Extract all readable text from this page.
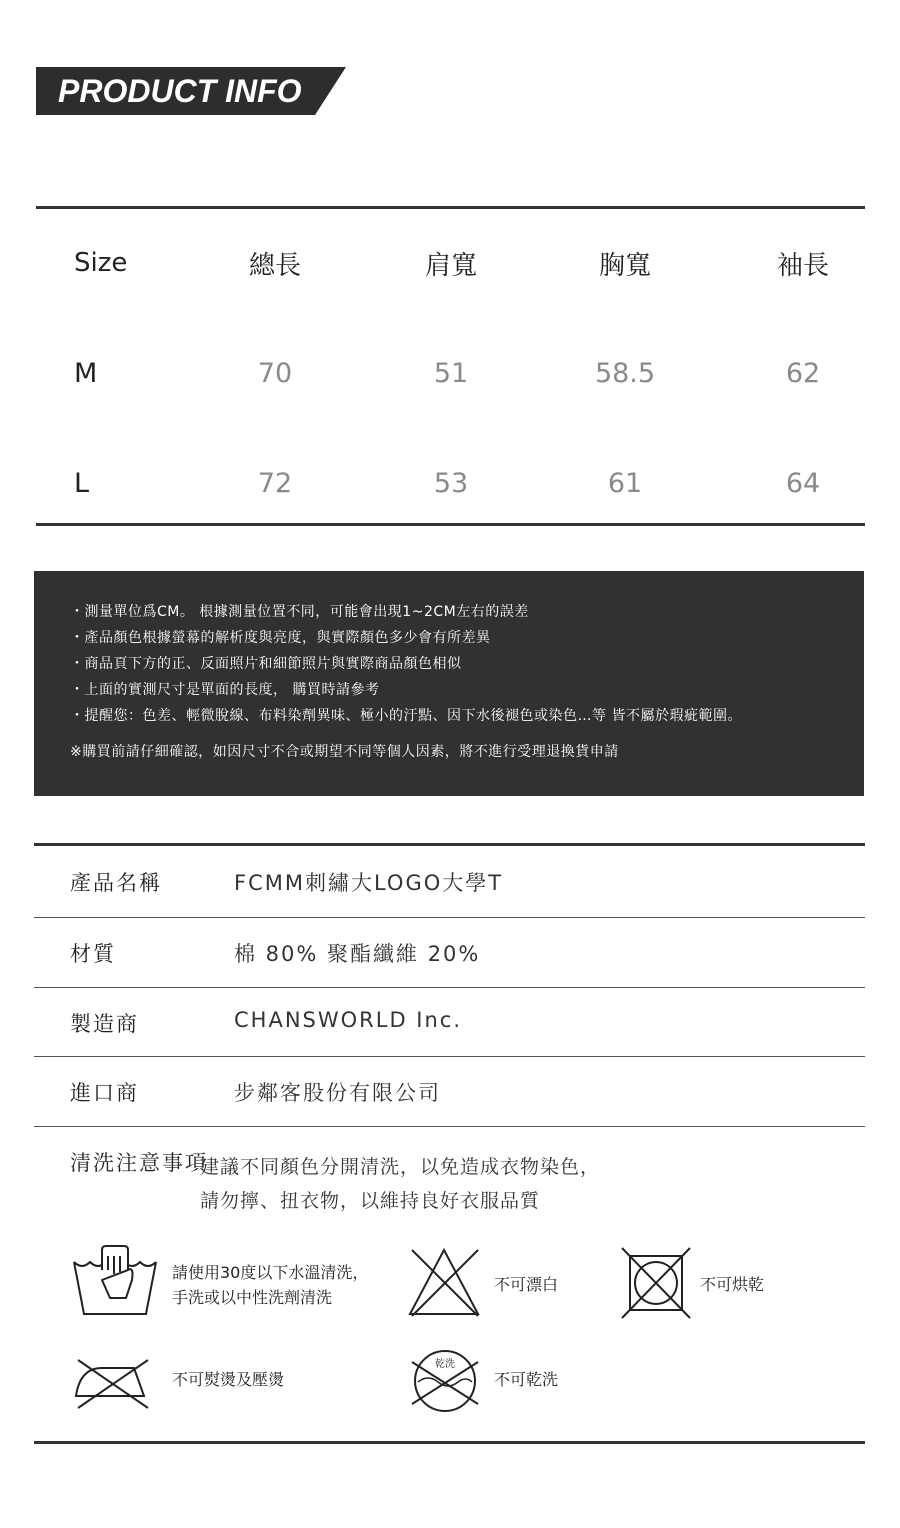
PRODUCT INFO
Size	總長	肩寬	胸寬	袖長
M	70	51	58.5	62
L	72	53	61	64
・測量單位爲CM。 根據測量位置不同，可能會出現1~2CM左右的誤差
・產品顏色根據螢幕的解析度與亮度，與實際顏色多少會有所差異
・商品頁下方的正、反面照片和細節照片與實際商品顏色相似
・上面的實測尺寸是單面的長度， 購買時請參考
・提醒您：色差、輕微脫線、布料染劑異味、極小的汙點、因下水後褪色或染色…等 皆不屬於瑕疵範圍。
※購買前請仔細確認，如因尺寸不合或期望不同等個人因素，將不進行受理退換貨申請
產品名稱	FCMM刺繡大LOGO大學T
材質	棉 80% 聚酯纖維 20%
製造商	CHANSWORLD Inc.
進口商	步鄰客股份有限公司
清洗注意事項
建議不同顏色分開清洗，以免造成衣物染色，
請勿擰、扭衣物，以維持良好衣服品質
請使用30度以下水溫清洗，
手洗或以中性洗劑清洗
不可漂白	不可烘乾
不可熨燙及壓燙
乾洗
不可乾洗
